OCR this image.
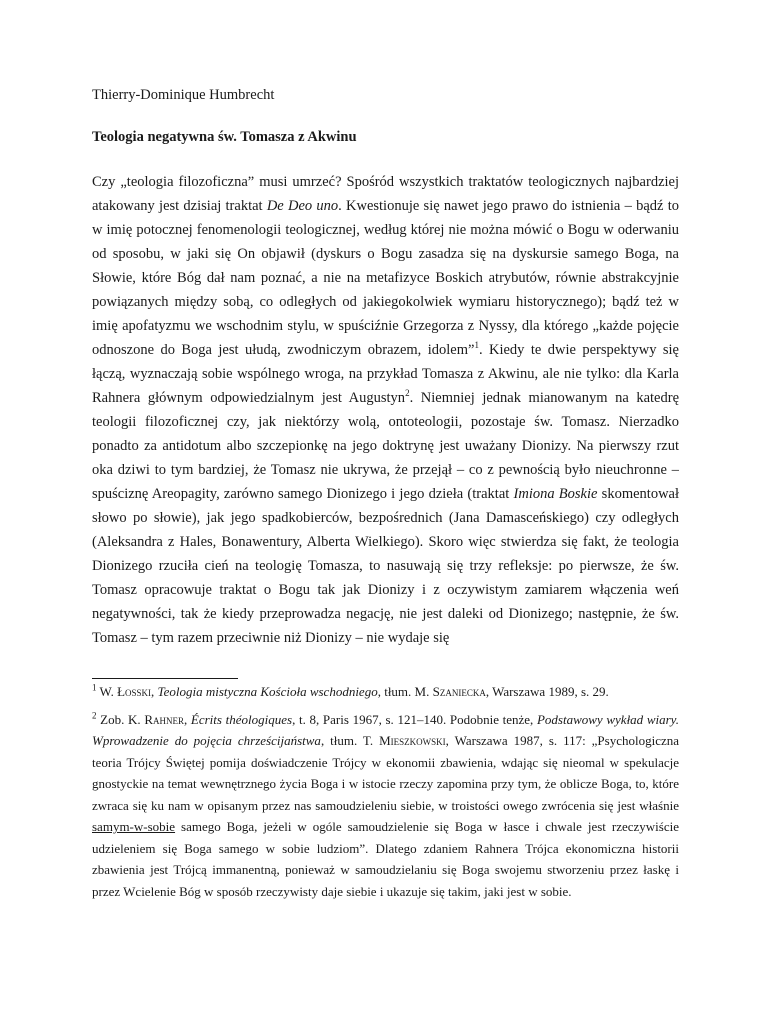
Thierry-Dominique Humbrecht
Teologia negatywna św. Tomasza z Akwinu
Czy „teologia filozoficzna” musi umrzeć? Spośród wszystkich traktatów teologicznych najbardziej atakowany jest dzisiaj traktat De Deo uno. Kwestionuje się nawet jego prawo do istnienia – bądź to w imię potocznej fenomenologii teologicznej, według której nie można mówić o Bogu w oderwaniu od sposobu, w jaki się On objawił (dyskurs o Bogu zasadza się na dyskursie samego Boga, na Słowie, które Bóg dał nam poznać, a nie na metafizyce Boskich atrybutów, równie abstrakcyjnie powiązanych między sobą, co odległych od jakiegokolwiek wymiaru historycznego); bądź też w imię apofatyzmu we wschodnim stylu, w spuściźnie Grzegorza z Nyssy, dla którego „każde pojęcie odnoszone do Boga jest ułudą, zwodniczym obrazem, idolem”$^1$. Kiedy te dwie perspektywy się łączą, wyznaczają sobie wspólnego wroga, na przykład Tomasza z Akwinu, ale nie tylko: dla Karla Rahnera głównym odpowiedzialnym jest Augustyn$^2$. Niemniej jednak mianowanym na katedrę teologii filozoficznej czy, jak niektórzy wolą, ontoteologii, pozostaje św. Tomasz. Nierzadko ponadto za antidotum albo szczepionkę na jego doktrynę jest uważany Dionizy. Na pierwszy rzut oka dziwi to tym bardziej, że Tomasz nie ukrywa, że przejął – co z pewnością było nieuchronne – spuściznę Areopagity, zarówno samego Dionizego i jego dzieła (traktat Imiona Boskie skomentował słowo po słowie), jak jego spadkobierców, bezpośrednich (Jana Damasceńskiego) czy odległych (Aleksandra z Hales, Bonawentury, Alberta Wielkiego). Skoro więc stwierdza się fakt, że teologia Dionizego rzuciła cień na teologię Tomasza, to nasuwają się trzy refleksje: po pierwsze, że św. Tomasz opracowuje traktat o Bogu tak jak Dionizy i z oczywistym zamiarem włączenia weń negatywności, tak że kiedy przeprowadza negację, nie jest daleki od Dionizego; następnie, że św. Tomasz – tym razem przeciwnie niż Dionizy – nie wydaje się
$^1$ W. Łosski, Teologia mistyczna Kościoła wschodniego, tłum. M. Szaniecka, Warszawa 1989, s. 29.
$^2$ Zob. K. Rahner, Écrits théologiques, t. 8, Paris 1967, s. 121–140. Podobnie tenże, Podstawowy wykład wiary. Wprowadzenie do pojęcia chrześcijaństwa, tłum. T. Mieszkowski, Warszawa 1987, s. 117: „Psychologiczna teoria Trójcy Świętej pomija doświadczenie Trójcy w ekonomii zbawienia, wdając się nieomal w spekulacje gnostyckie na temat wewnętrznego życia Boga i w istocie rzeczy zapomina przy tym, że oblicze Boga, to, które zwraca się ku nam w opisanym przez nas samoudzieleniu siebie, w troistości owego zwrócenia się jest właśnie samym-w-sobie samego Boga, jeżeli w ogóle samoudzielenie się Boga w łasce i chwale jest rzeczywiście udzieleniem się Boga samego w sobie ludziom”. Dlatego zdaniem Rahnera Trójca ekonomiczna historii zbawienia jest Trójcą immanentną, ponieważ w samoudzielaniu się Boga swojemu stworzeniu przez łaskę i przez Wcielenie Bóg w sposób rzeczywisty daje siebie i ukazuje się takim, jaki jest w sobie.
